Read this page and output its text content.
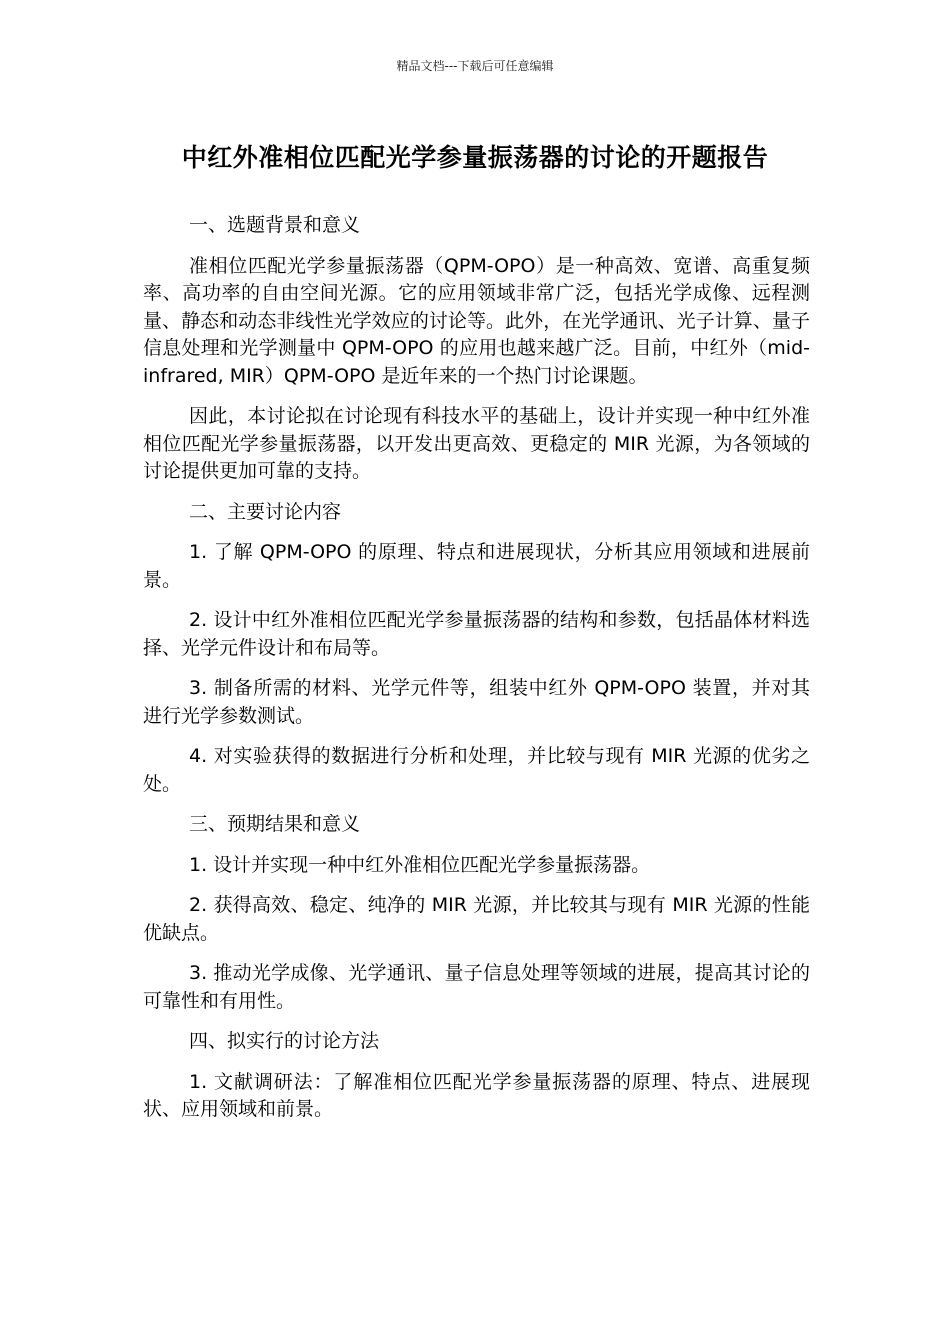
精品文档---下载后可任意编辑
中红外准相位匹配光学参量振荡器的讨论的开题报告

一、选题背景和意义

准相位匹配光学参量振荡器（QPM-OPO）是一种高效、宽谱、高重复频率、高功率的自由空间光源。它的应用领域非常广泛，包括光学成像、远程测量、静态和动态非线性光学效应的讨论等。此外，在光学通讯、光子计算、量子信息处理和光学测量中 QPM-OPO 的应用也越来越广泛。目前，中红外（mid-infrared, MIR）QPM-OPO 是近年来的一个热门讨论课题。

因此，本讨论拟在讨论现有科技水平的基础上，设计并实现一种中红外准相位匹配光学参量振荡器，以开发出更高效、更稳定的 MIR 光源，为各领域的讨论提供更加可靠的支持。

二、主要讨论内容

1. 了解 QPM-OPO 的原理、特点和进展现状，分析其应用领域和进展前景。

2. 设计中红外准相位匹配光学参量振荡器的结构和参数，包括晶体材料选择、光学元件设计和布局等。

3. 制备所需的材料、光学元件等，组装中红外 QPM-OPO 装置，并对其进行光学参数测试。

4. 对实验获得的数据进行分析和处理，并比较与现有 MIR 光源的优劣之处。

三、预期结果和意义

1. 设计并实现一种中红外准相位匹配光学参量振荡器。

2. 获得高效、稳定、纯净的 MIR 光源，并比较其与现有 MIR 光源的性能优缺点。

3. 推动光学成像、光学通讯、量子信息处理等领域的进展，提高其讨论的可靠性和有用性。

四、拟实行的讨论方法

1. 文献调研法：了解准相位匹配光学参量振荡器的原理、特点、进展现状、应用领域和前景。
